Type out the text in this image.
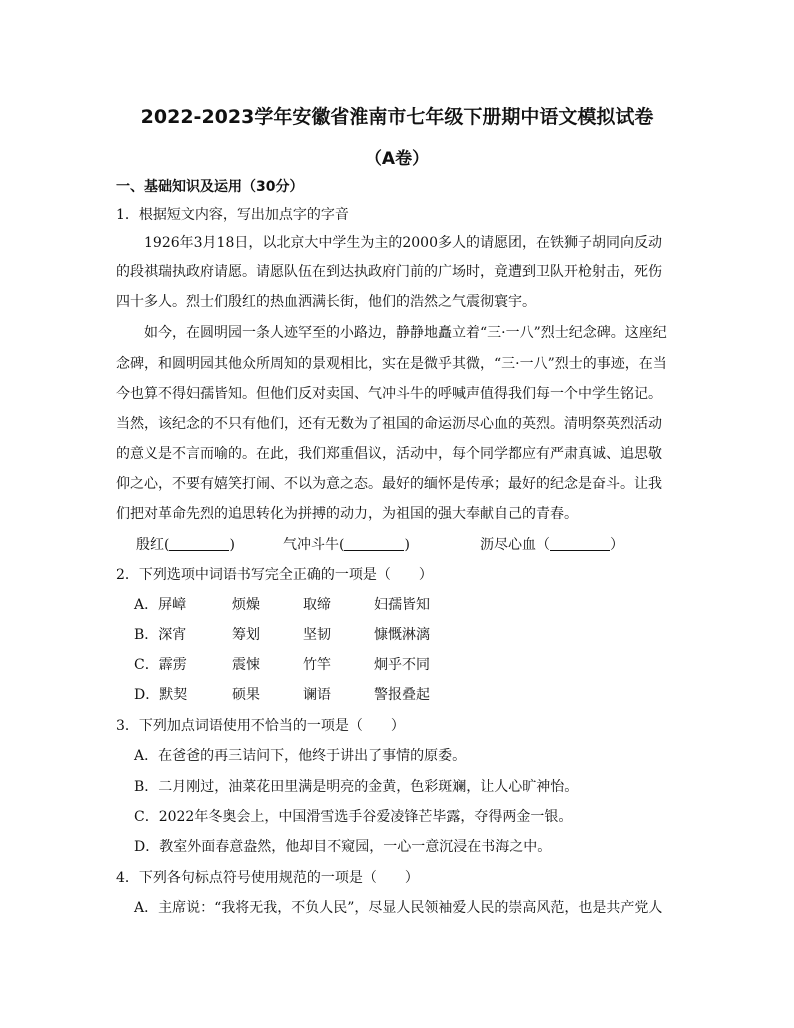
2022-2023学年安徽省淮南市七年级下册期中语文模拟试卷
（A卷）
一、基础知识及运用（30分）
1．根据短文内容，写出加点字的字音
1926年3月18日，以北京大中学生为主的2000多人的请愿团，在铁狮子胡同向反动
的段祺瑞执政府请愿。请愿队伍在到达执政府门前的广场时，竟遭到卫队开枪射击，死伤
四十多人。烈士们殷红的热血洒满长街，他们的浩然之气震彻寰宇。
如今，在圆明园一条人迹罕至的小路边，静静地矗立着“三·一八”烈士纪念碑。这座纪
念碑，和圆明园其他众所周知的景观相比，实在是微乎其微，“三·一八”烈士的事迹，在当
今也算不得妇孺皆知。但他们反对卖国、气冲斗牛的呼喊声值得我们每一个中学生铭记。
当然，该纪念的不只有他们，还有无数为了祖国的命运沥尽心血的英烈。清明祭英烈活动
的意义是不言而喻的。在此，我们郑重倡议，活动中，每个同学都应有严肃真诚、追思敬
仰之心，不要有嬉笑打闹、不以为意之态。最好的缅怀是传承；最好的纪念是奋斗。让我
们把对革命先烈的追思转化为拼搏的动力，为祖国的强大奉献自己的青春。
殷红(	)	气冲斗牛(	)	沥尽心血（	）
2．下列选项中词语书写完全正确的一项是（　　）
A．屏嶂	烦燥	取缔	妇孺皆知
B．深宵	筹划	坚韧	慷慨淋漓
C．霹雳	震悚	竹竿	炯乎不同
D．默契	硕果	谰语	警报叠起
3．下列加点词语使用不恰当的一项是（　　）
A．在爸爸的再三诘问下，他终于讲出了事情的原委。
B．二月刚过，油菜花田里满是明亮的金黄，色彩斑斓，让人心旷神怡。
C．2022年冬奥会上，中国滑雪选手谷爱凌锋芒毕露，夺得两金一银。
D．教室外面春意盎然，他却目不窥园，一心一意沉浸在书海之中。
4．下列各句标点符号使用规范的一项是（　　）
A．主席说：“我将无我，不负人民”，尽显人民领袖爱人民的崇高风范，也是共产党人
